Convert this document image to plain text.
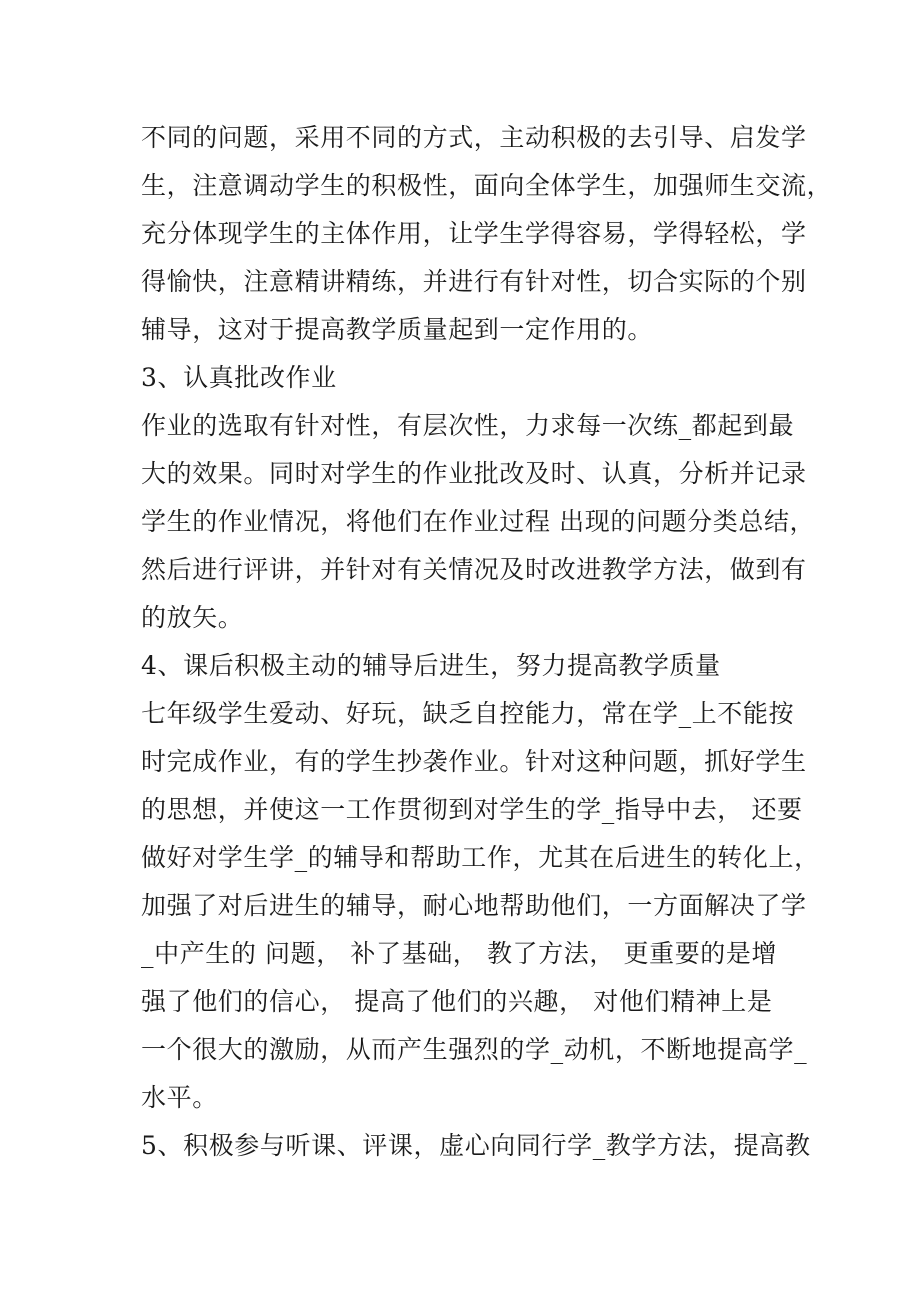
不同的问题，采用不同的方式，主动积极的去引导、启发学
生，注意调动学生的积极性，面向全体学生，加强师生交流，
充分体现学生的主体作用，让学生学得容易，学得轻松，学
得愉快，注意精讲精练，并进行有针对性，切合实际的个别
辅导，这对于提高教学质量起到一定作用的。
3、认真批改作业
作业的选取有针对性，有层次性，力求每一次练_都起到最
大的效果。同时对学生的作业批改及时、认真，分析并记录
学生的作业情况，将他们在作业过程 出现的问题分类总结，
然后进行评讲，并针对有关情况及时改进教学方法，做到有
的放矢。
4、课后积极主动的辅导后进生，努力提高教学质量
七年级学生爱动、好玩，缺乏自控能力，常在学_上不能按
时完成作业，有的学生抄袭作业。针对这种问题，抓好学生
的思想，并使这一工作贯彻到对学生的学_指导中去， 还要
做好对学生学_的辅导和帮助工作，尤其在后进生的转化上，
加强了对后进生的辅导，耐心地帮助他们，一方面解决了学
_中产生的 问题， 补了基础， 教了方法， 更重要的是增
强了他们的信心， 提高了他们的兴趣， 对他们精神上是
一个很大的激励，从而产生强烈的学_动机，不断地提高学_
水平。
5、积极参与听课、评课，虚心向同行学_教学方法，提高教
